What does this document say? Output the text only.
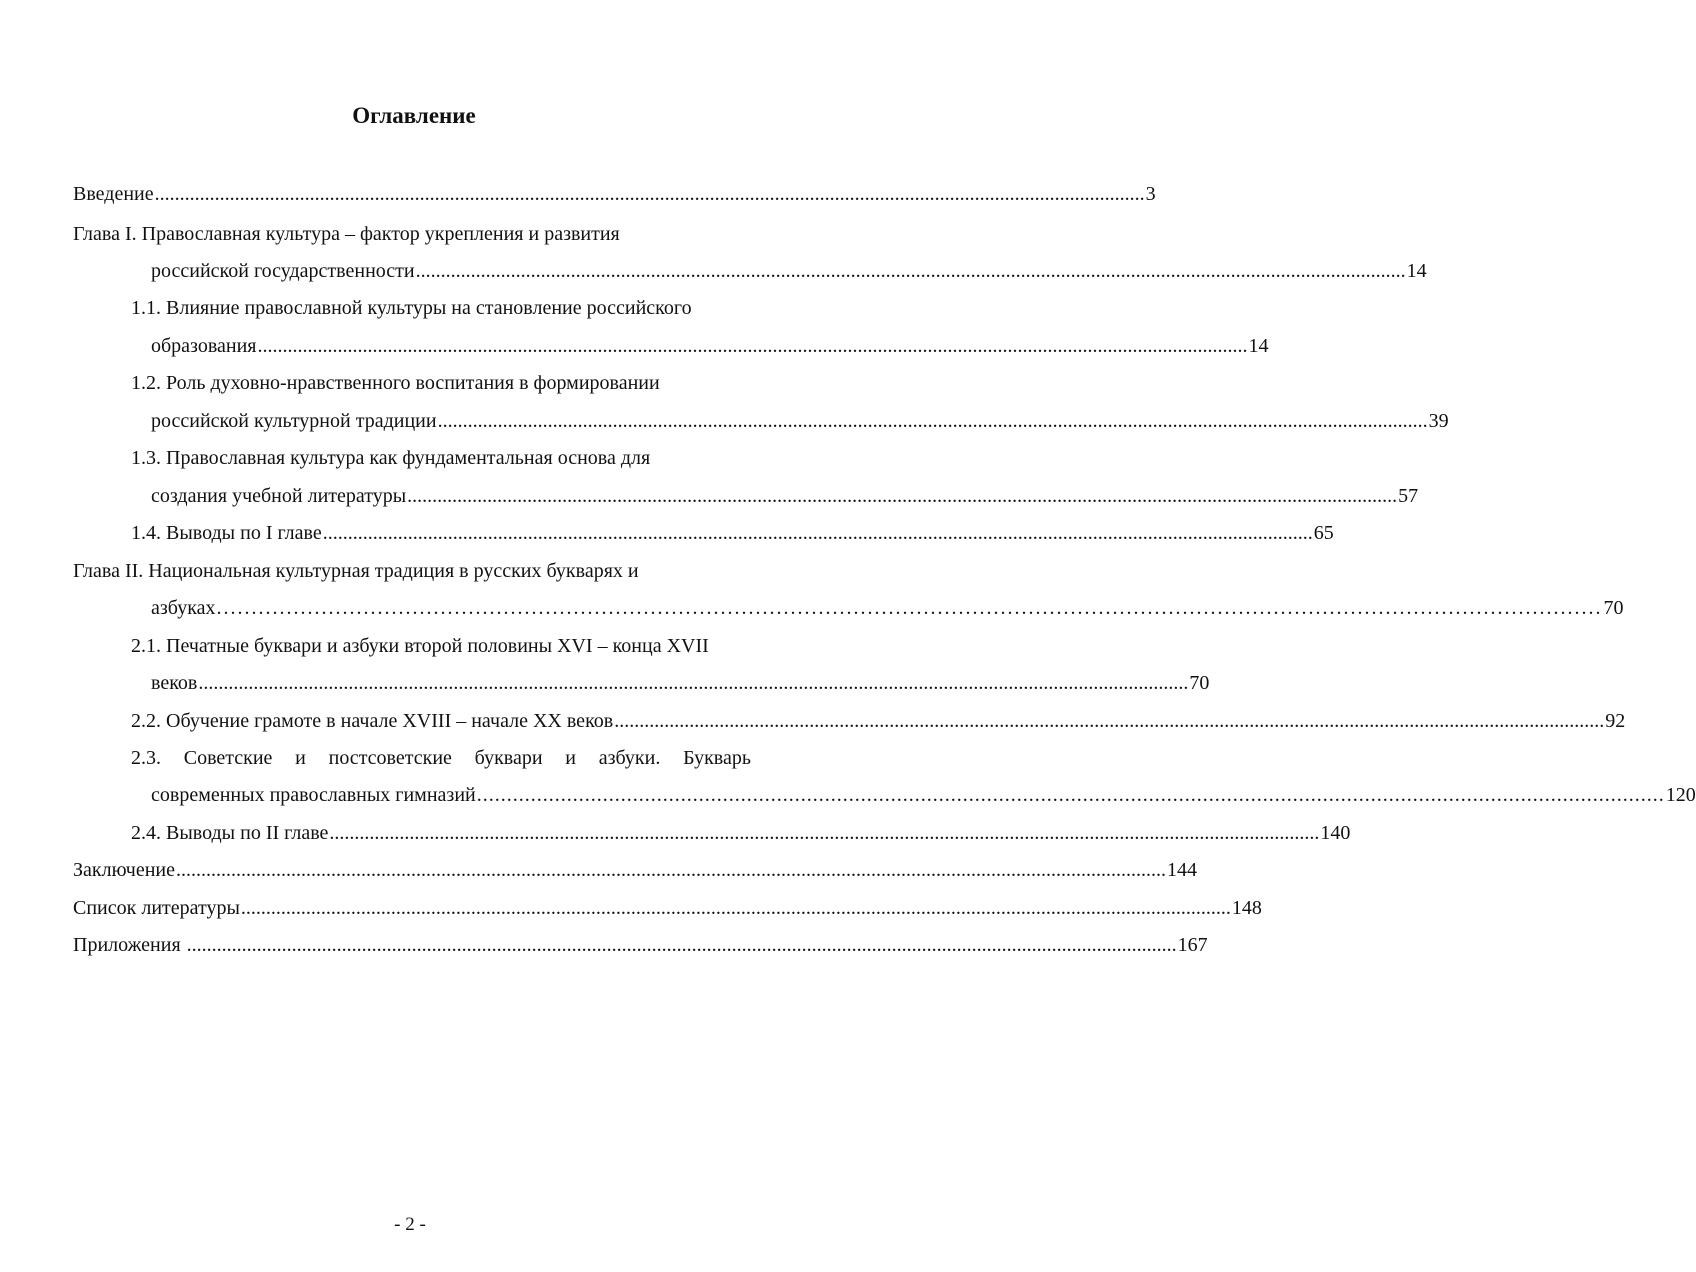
Оглавление
Введение ...................................................................................................................................................................................................... 3
Глава I. Православная культура – фактор укрепления и развития
российской государственности ...................................................................................................................................................................................................... 14
1.1. Влияние православной культуры на становление российского
образования ...................................................................................................................................................................................................... 14
1.2. Роль духовно-нравственного воспитания в формировании
российской культурной традиции ...................................................................................................................................................................................................... 39
1.3. Православная культура как фундаментальная основа для
создания учебной литературы ...................................................................................................................................................................................................... 57
1.4. Выводы по I главе ...................................................................................................................................................................................................... 65
Глава II. Национальная культурная традиция в русских букварях и
азбуках ...................................................................................................................................................................................................... 70
2.1. Печатные буквари и азбуки второй половины XVI – конца XVII
веков ...................................................................................................................................................................................................... 70
2.2. Обучение грамоте в начале XVIII – начале XX веков ...................................................................................................................................................................................................... 92
2.3. Советские и постсоветские буквари и азбуки. Букварь
современных православных гимназий ...................................................................................................................................................................................................... 120
2.4. Выводы по II главе ...................................................................................................................................................................................................... 140
Заключение ...................................................................................................................................................................................................... 144
Список литературы ...................................................................................................................................................................................................... 148
Приложения ...................................................................................................................................................................................................... 167
- 2 -
